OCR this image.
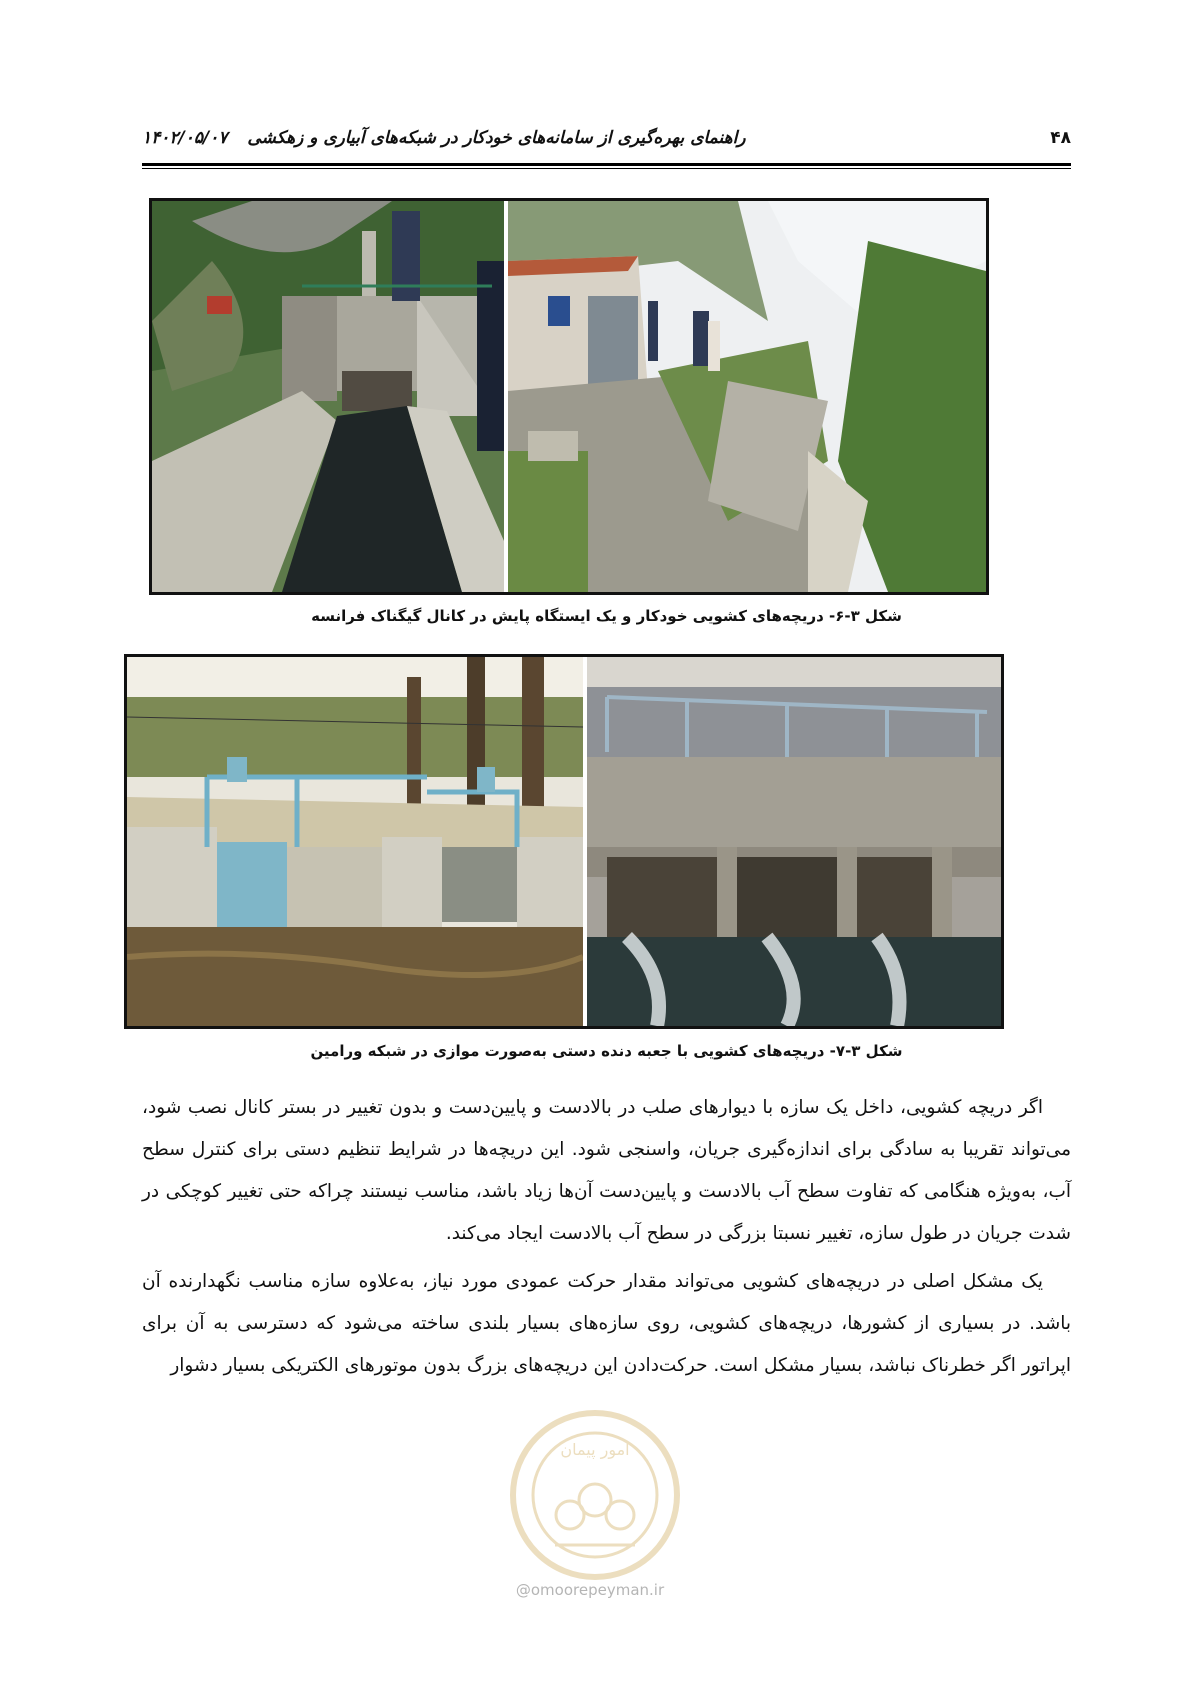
۴۸
راهنمای بهره‌گیری از سامانه‌های خودکار در شبکه‌های آبیاری و زهکشی ۱۴۰۲/۰۵/۰۷
شکل ۳-۶- دریچه‌های کشویی خودکار و یک ایستگاه پایش در کانال گیگناک فرانسه
شکل ۳-۷- دریچه‌های کشویی با جعبه دنده دستی به‌صورت موازی در شبکه ورامین

اگر دریچه کشویی، داخل یک سازه با دیوارهای صلب در بالادست و پایین‌دست و بدون تغییر در بستر کانال نصب شود، می‌تواند تقریبا به سادگی برای اندازه‌گیری جریان، واسنجی شود. این دریچه‌ها در شرایط تنظیم دستی برای کنترل سطح آب، به‌ویژه هنگامی که تفاوت سطح آب بالادست و پایین‌دست آن‌ها زیاد باشد، مناسب نیستند چراکه حتی تغییر کوچکی در شدت جریان در طول سازه، تغییر نسبتا بزرگی در سطح آب بالادست ایجاد می‌کند.

یک مشکل اصلی در دریچه‌های کشویی می‌تواند مقدار حرکت عمودی مورد نیاز، به‌علاوه سازه مناسب نگهدارنده آن باشد. در بسیاری از کشورها، دریچه‌های کشویی، روی سازه‌های بسیار بلندی ساخته می‌شود که دسترسی به آن برای اپراتور اگر خطرناک نباشد، بسیار مشکل است. حرکت‌دادن این دریچه‌های بزرگ بدون موتورهای الکتریکی بسیار دشوار

امور پیمان
@omoorepeyman.ir
